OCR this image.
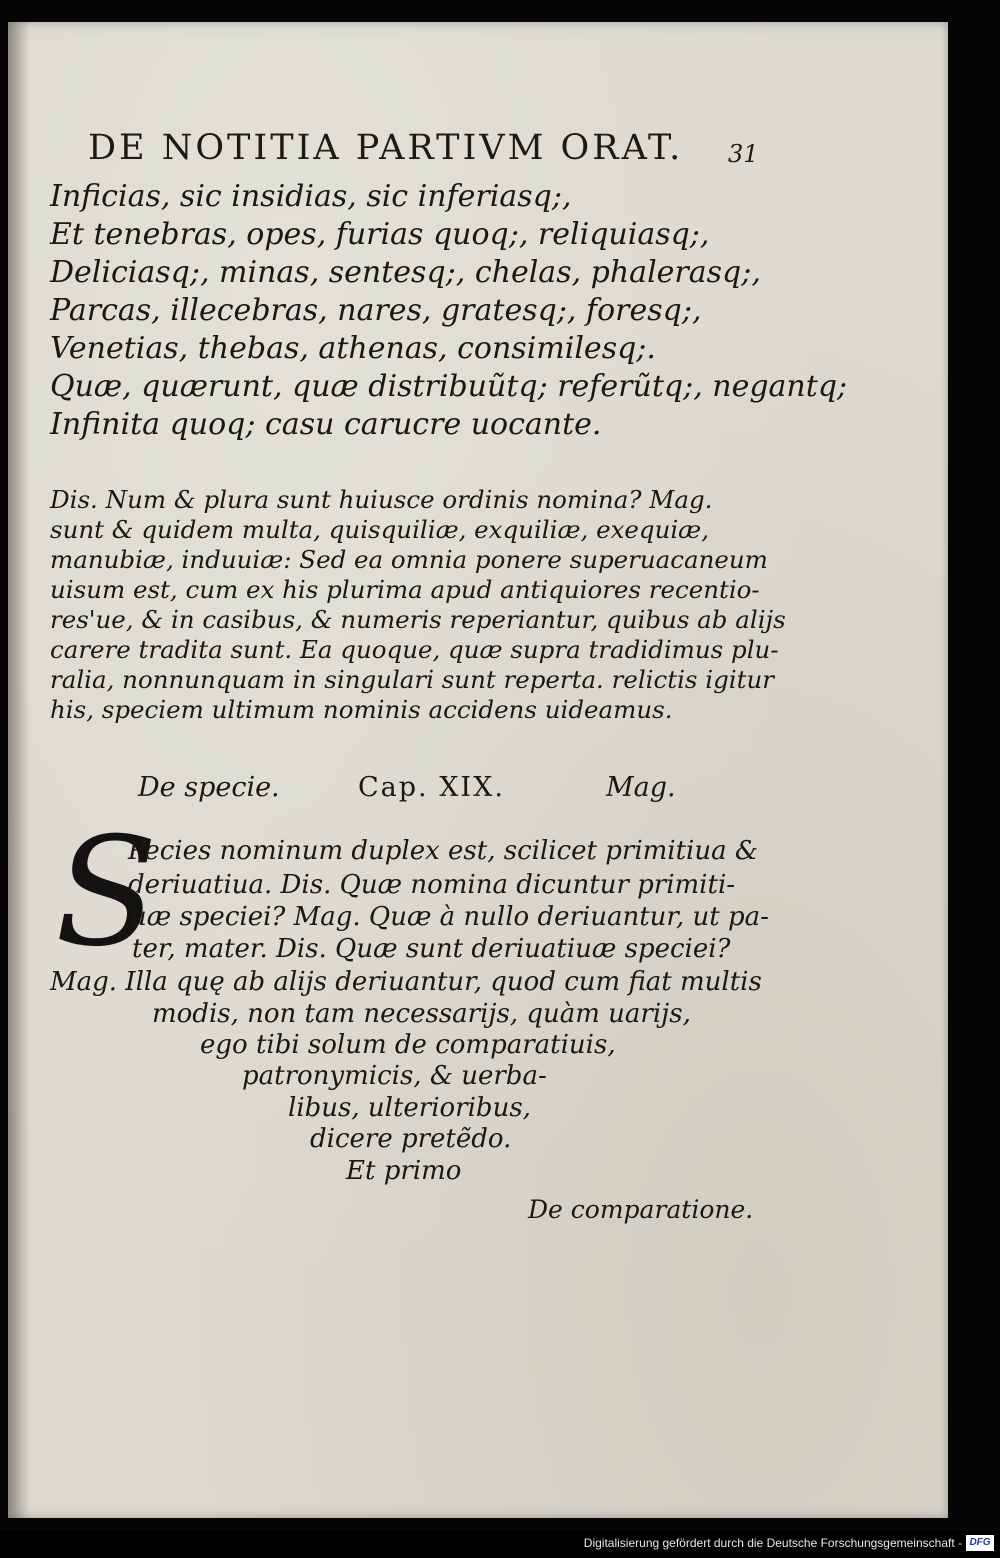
DE NOTITIA PARTIVM ORAT. 31
Inficias, sic insidias, sic inferiasq;,
Et tenebras, opes, furias quoq;, reliquiasq;,
Deliciasq;, minas, sentesq;, chelas, phalerasq;,
Parcas, illecebras, nares, gratesq;, foresq;,
Venetias, thebas, athenas, consimilesq;.
Quæ, quærunt, quæ distribuũtq; referũtq;, negantq;
Infinita quoq; casu carucre uocante.
Dis. Num & plura sunt huiusce ordinis nomina? Mag.
sunt & quidem multa, quisquiliæ, exquiliæ, exequiæ,
manubiæ, induuiæ: Sed ea omnia ponere superuacaneum
uisum est, cum ex his plurima apud antiquiores recentio-
res'ue, & in casibus, & numeris reperiantur, quibus ab alijs
carere tradita sunt. Ea quoque, quæ supra tradidimus plu-
ralia, nonnunquam in singulari sunt reperta. relictis igitur
his, speciem ultimum nominis accidens uideamus.
De specie.	Cap. XIX.	Mag.
S
Pecies nominum duplex est, scilicet primitiua &
deriuatiua. Dis. Quæ nomina dicuntur primiti-
uæ speciei? Mag. Quæ à nullo deriuantur, ut pa-
ter, mater. Dis. Quæ sunt deriuatiuæ speciei?
Mag. Illa quę ab alijs deriuantur, quod cum fiat multis
modis, non tam necessarijs, quàm uarijs,
ego tibi solum de comparatiuis,
patronymicis, & uerba-
libus, ulterioribus,
dicere pretẽdo.
Et primo
De comparatione.
Digitalisierung gefördert durch die Deutsche Forschungsgemeinschaft - DFG
